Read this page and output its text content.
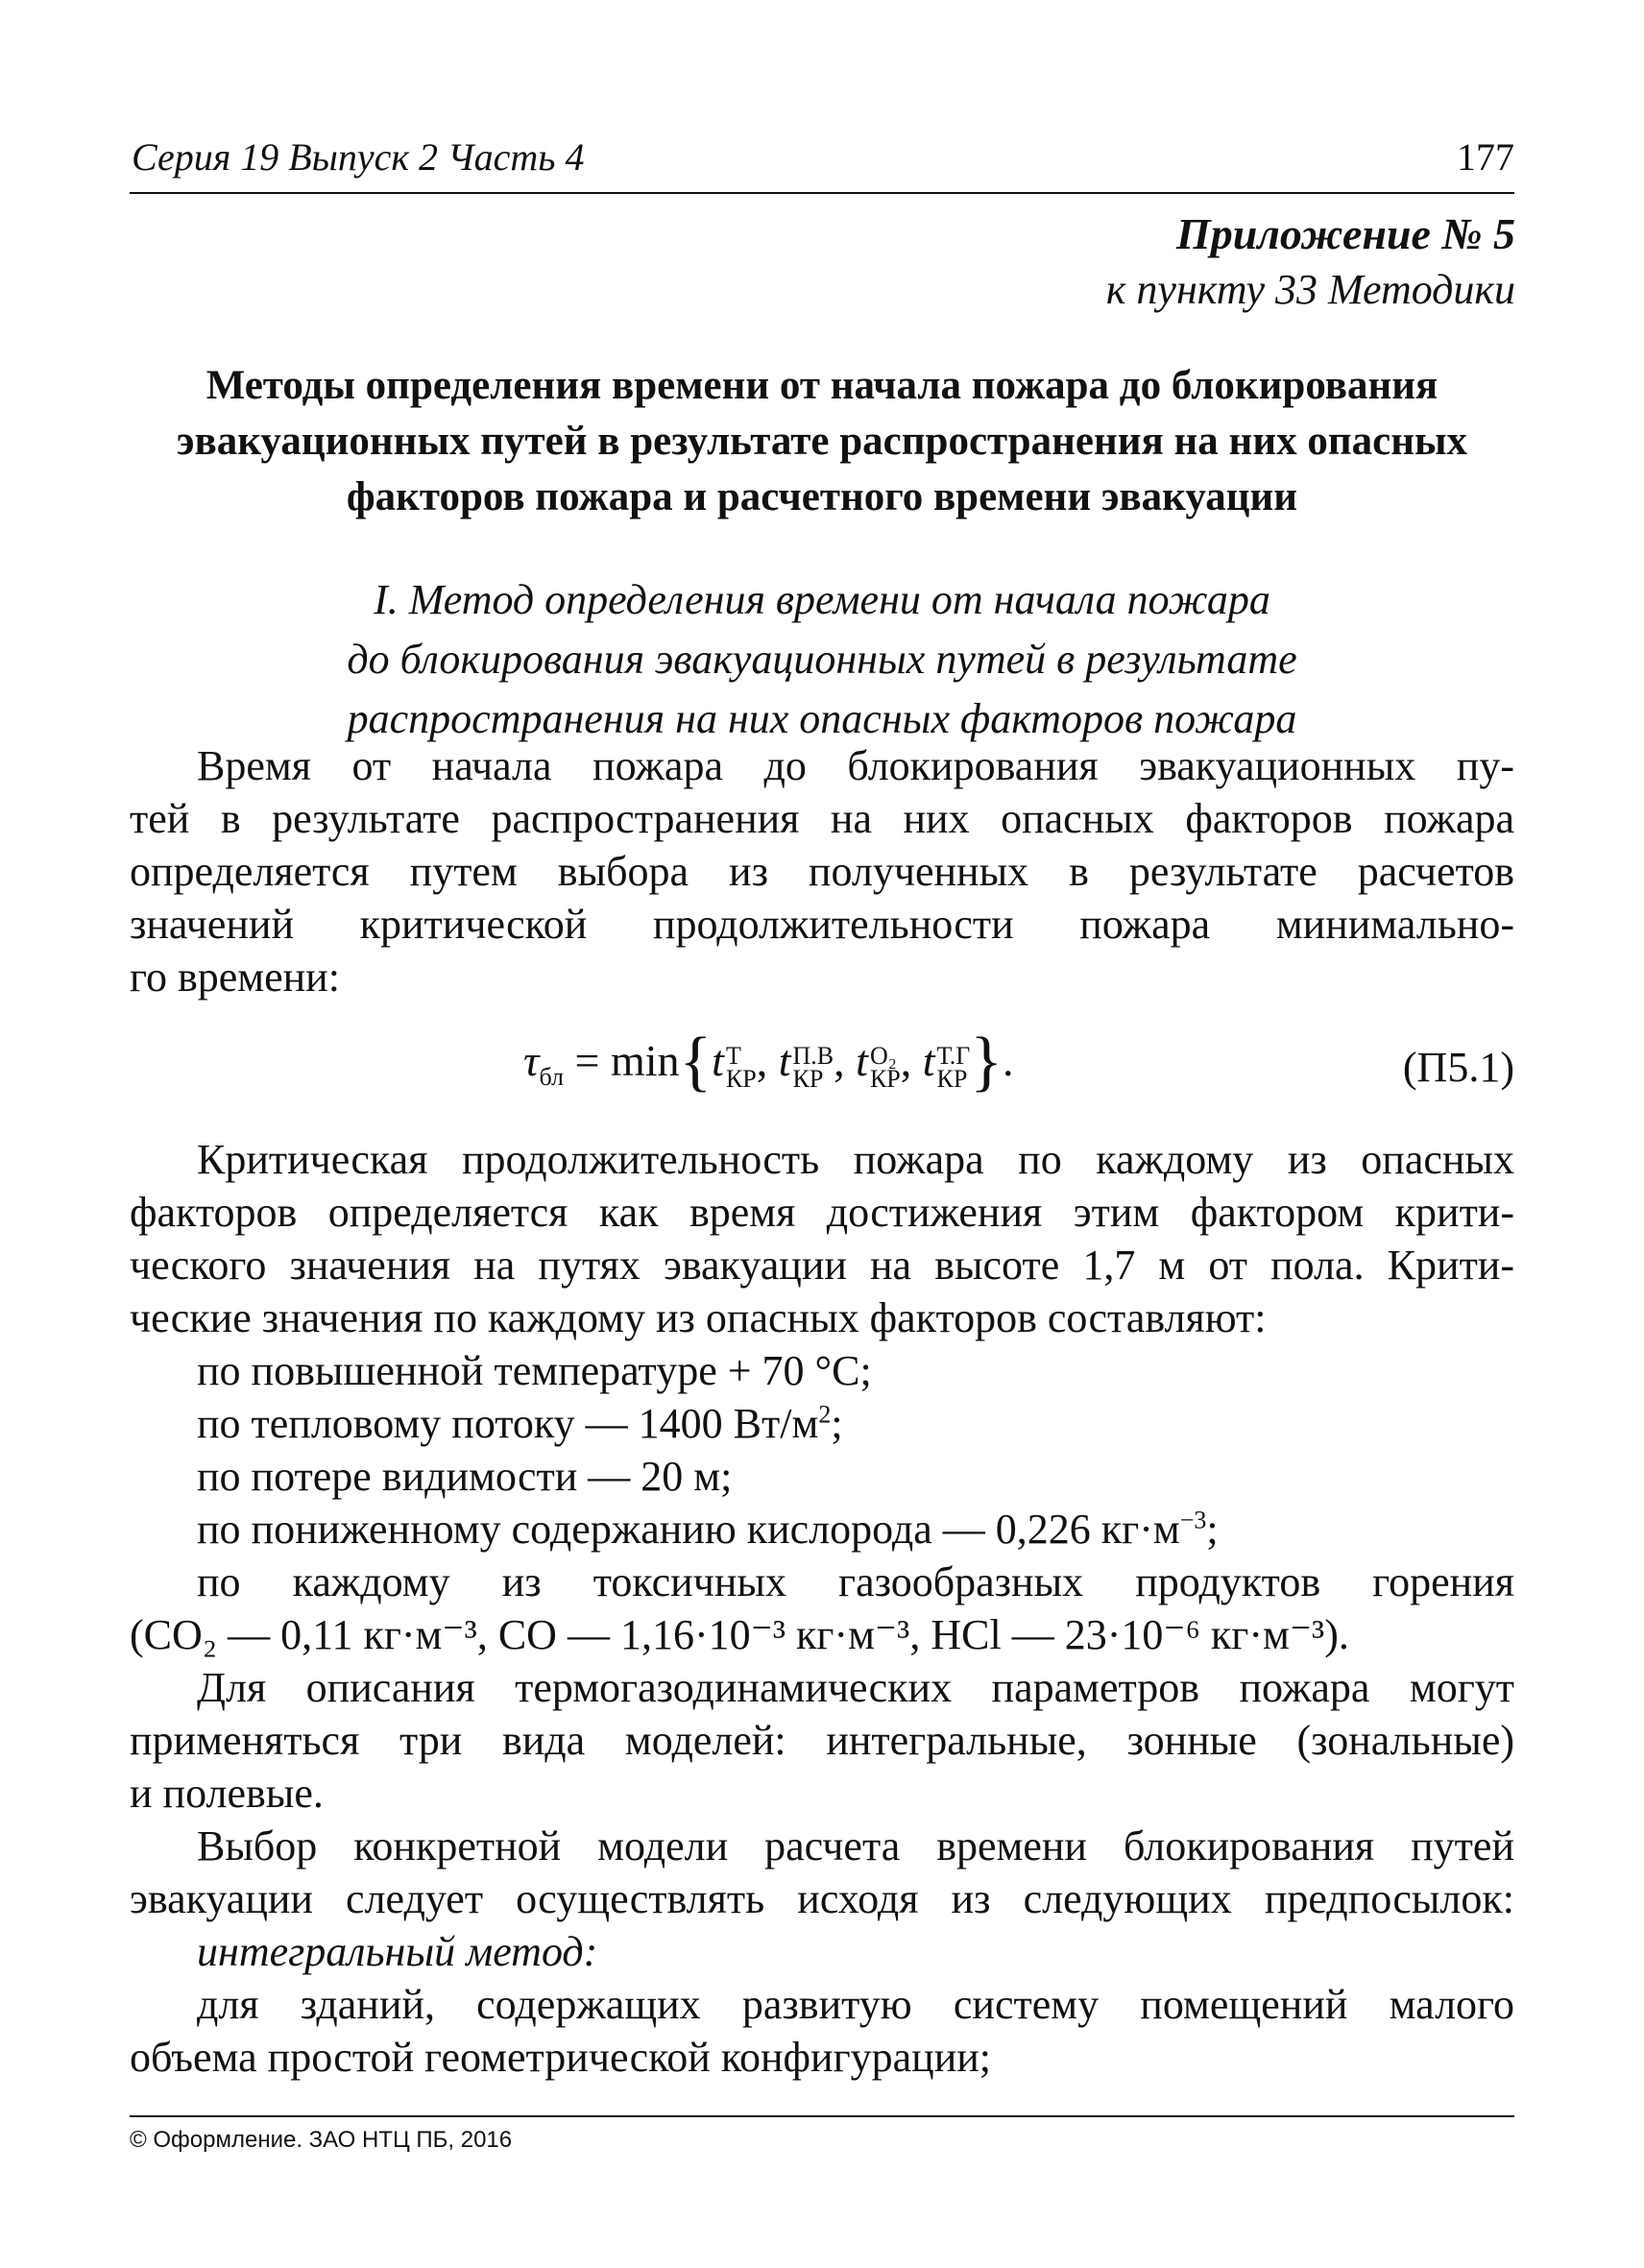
Серия 19 Выпуск 2 Часть 4	177
Приложение № 5
к пункту 33 Методики
Методы определения времени от начала пожара до блокирования
эвакуационных путей в результате распространения на них опасных
факторов пожара и расчетного времени эвакуации
I. Метод определения времени от начала пожара
до блокирования эвакуационных путей в результате
распространения на них опасных факторов пожара
Время от начала пожара до блокирования эвакуационных пу-
тей в результате распространения на них опасных факторов пожара
определяется путем выбора из полученных в результате расчетов
значений критической продолжительности пожара минимально-
го времени:
$\tau_{бл} = \min\{t$ Т
КР , t П.В
КР , t O₂
КР , t Т.Г
КР }.	(П5.1)
Критическая продолжительность пожара по каждому из опасных
факторов определяется как время достижения этим фактором крити-
ческого значения на путях эвакуации на высоте 1,7 м от пола. Крити-
ческие значения по каждому из опасных факторов составляют:
по повышенной температуре + 70 °С;
по тепловому потоку — 1400 $Вт/м^2$;
по потере видимости — 20 м;
по пониженному содержанию кислорода — 0,226 $кг\cdot м^{-3}$;
по каждому из токсичных газообразных продуктов горения
(CO₂ — 0,11 кг·м⁻³, CO — 1,16·10⁻³ кг·м⁻³, HCl — 23·10⁻⁶ кг·м⁻³).
Для описания термогазодинамических параметров пожара могут
применяться три вида моделей: интегральные, зонные (зональные)
и полевые.
Выбор конкретной модели расчета времени блокирования путей
эвакуации следует осуществлять исходя из следующих предпосылок:
интегральный метод:
для зданий, содержащих развитую систему помещений малого
объема простой геометрической конфигурации;
© Оформление. ЗАО НТЦ ПБ, 2016
